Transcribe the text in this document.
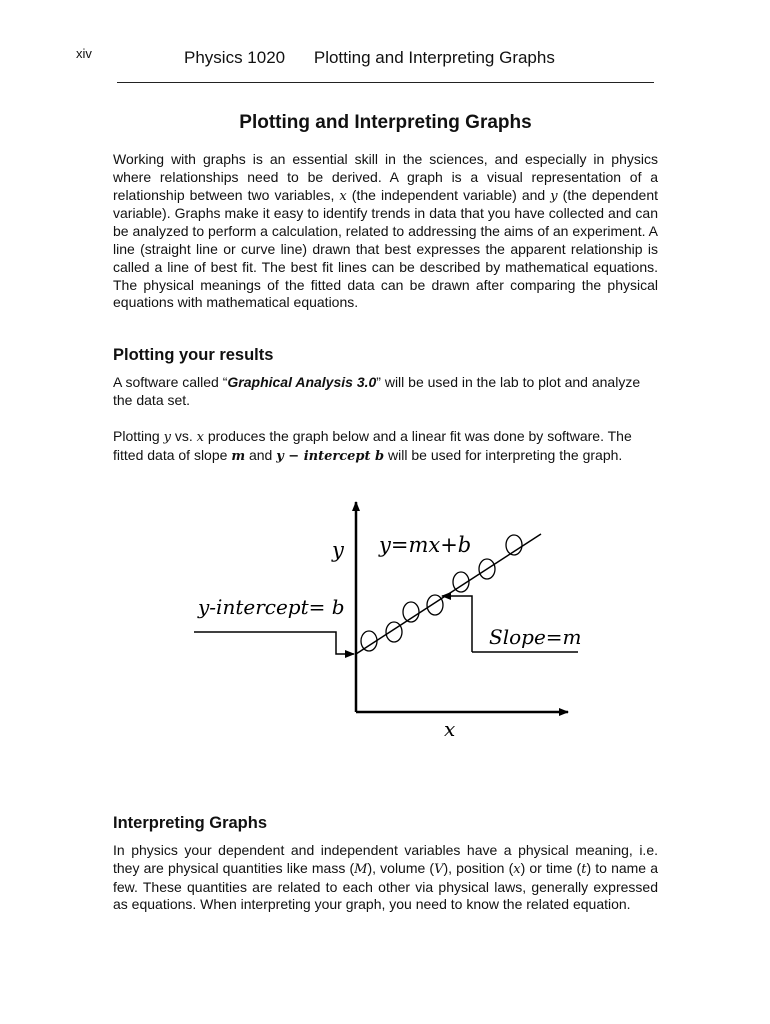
xiv	Physics 1020 Plotting and Interpreting Graphs
Plotting and Interpreting Graphs

Working with graphs is an essential skill in the sciences, and especially in physics where relationships need to be derived. A graph is a visual representation of a relationship between two variables, x (the independent variable) and y (the dependent variable). Graphs make it easy to identify trends in data that you have collected and can be analyzed to perform a calculation, related to addressing the aims of an experiment. A line (straight line or curve line) drawn that best expresses the apparent relationship is called a line of best fit. The best fit lines can be described by mathematical equations. The physical meanings of the fitted data can be drawn after comparing the physical equations with mathematical equations.

Plotting your results

A software called “Graphical Analysis 3.0” will be used in the lab to plot and analyze the data set.

Plotting y vs. x produces the graph below and a linear fit was done by software. The fitted data of slope m and y − intercept b will be used for interpreting the graph.

y y=mx+b
y-intercept= b
Slope=m
x
Interpreting Graphs

In physics your dependent and independent variables have a physical meaning, i.e. they are physical quantities like mass (M), volume (V), position (x) or time (t) to name a few. These quantities are related to each other via physical laws, generally expressed as equations. When interpreting your graph, you need to know the related equation.
